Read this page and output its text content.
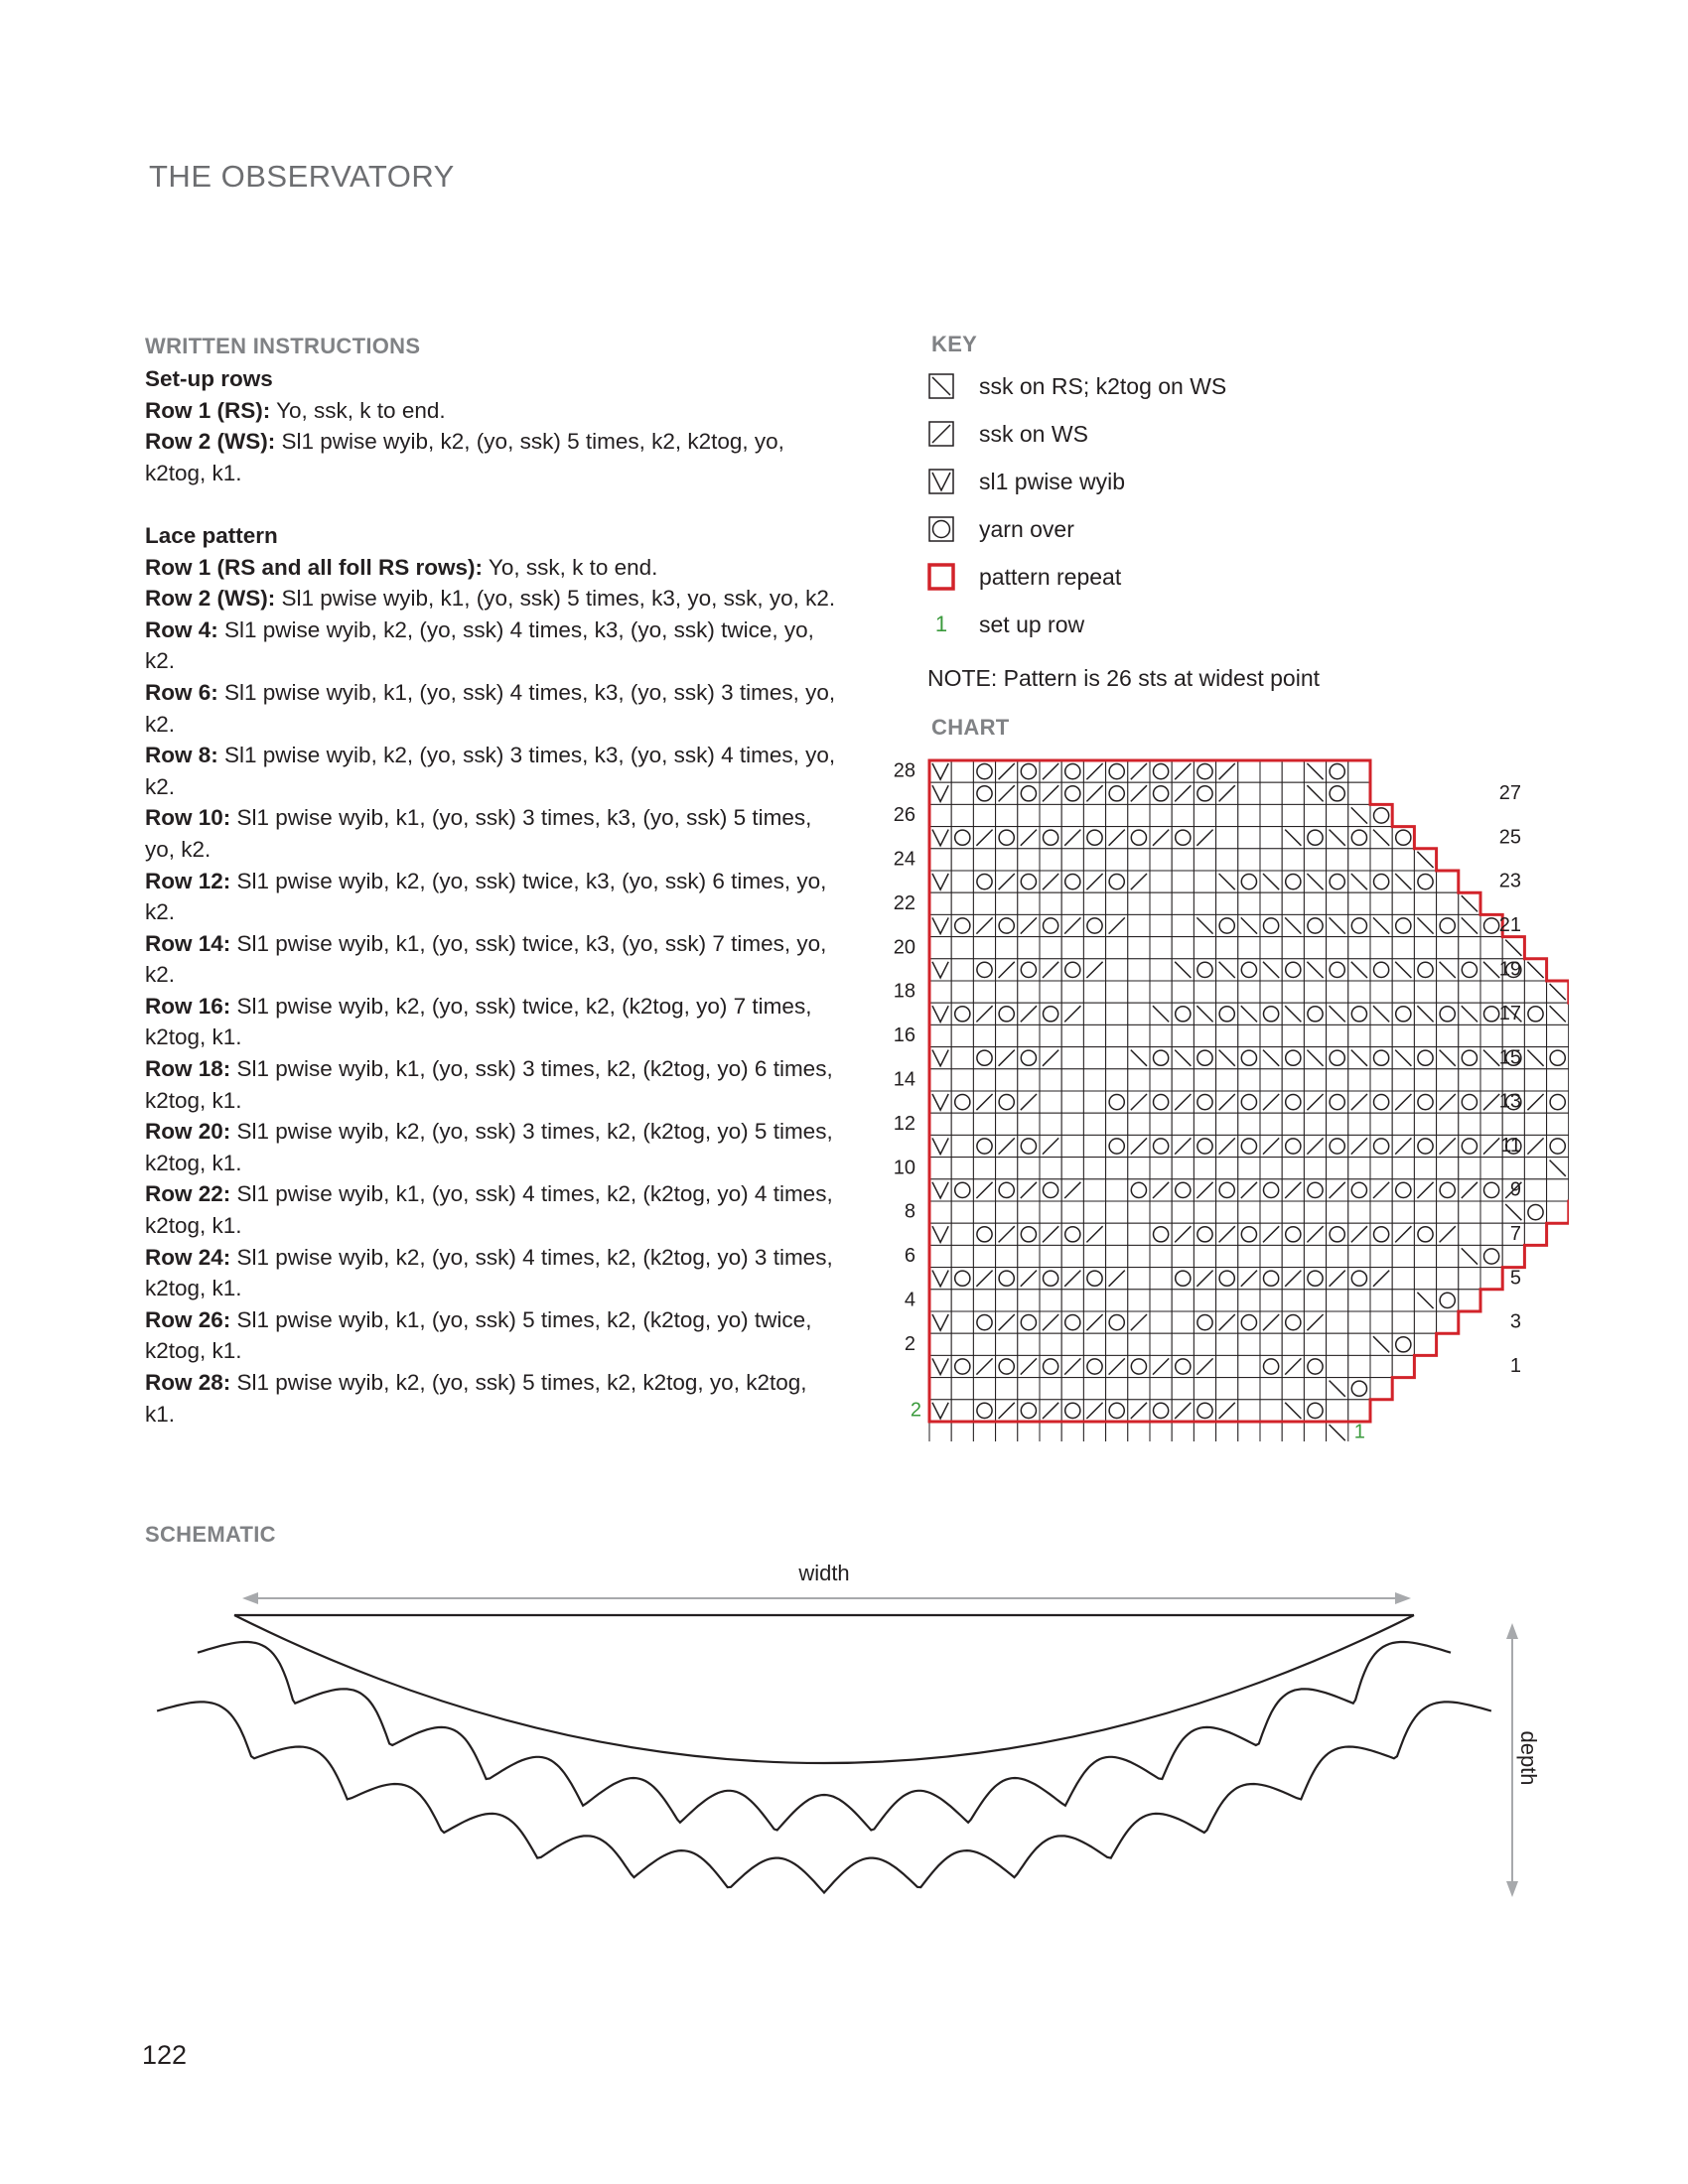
THE OBSERVATORY
WRITTEN INSTRUCTIONS

Set-up rows

Row 1 (RS): Yo, ssk, k to end.

Row 2 (WS): Sl1 pwise wyib, k2, (yo, ssk) 5 times, k2, k2tog, yo, k2tog, k1.

Lace pattern

Row 1 (RS and all foll RS rows): Yo, ssk, k to end.

Row 2 (WS): Sl1 pwise wyib, k1, (yo, ssk) 5 times, k3, yo, ssk, yo, k2.

Row 4: Sl1 pwise wyib, k2, (yo, ssk) 4 times, k3, (yo, ssk) twice, yo, k2.

Row 6: Sl1 pwise wyib, k1, (yo, ssk) 4 times, k3, (yo, ssk) 3 times, yo, k2.

Row 8: Sl1 pwise wyib, k2, (yo, ssk) 3 times, k3, (yo, ssk) 4 times, yo, k2.

Row 10: Sl1 pwise wyib, k1, (yo, ssk) 3 times, k3, (yo, ssk) 5 times, yo, k2.

Row 12: Sl1 pwise wyib, k2, (yo, ssk) twice, k3, (yo, ssk) 6 times, yo, k2.

Row 14: Sl1 pwise wyib, k1, (yo, ssk) twice, k3, (yo, ssk) 7 times, yo, k2.

Row 16: Sl1 pwise wyib, k2, (yo, ssk) twice, k2, (k2tog, yo) 7 times, k2tog, k1.

Row 18: Sl1 pwise wyib, k1, (yo, ssk) 3 times, k2, (k2tog, yo) 6 times, k2tog, k1.

Row 20: Sl1 pwise wyib, k2, (yo, ssk) 3 times, k2, (k2tog, yo) 5 times, k2tog, k1.

Row 22: Sl1 pwise wyib, k1, (yo, ssk) 4 times, k2, (k2tog, yo) 4 times, k2tog, k1.

Row 24: Sl1 pwise wyib, k2, (yo, ssk) 4 times, k2, (k2tog, yo) 3 times, k2tog, k1.

Row 26: Sl1 pwise wyib, k1, (yo, ssk) 5 times, k2, (k2tog, yo) twice, k2tog, k1.

Row 28: Sl1 pwise wyib, k2, (yo, ssk) 5 times, k2, k2tog, yo, k2tog, k1.

KEY
ssk on RS; k2tog on WS
ssk on WS
sl1 pwise wyib
yarn over
pattern repeat
1	set up row
NOTE: Pattern is 26 sts at widest point
CHART
28
26
24
22
20
18
16
14
12
10
8
6
4
2
27
25
23
21
19
17
15
13
11
9
7
5
3
1
2
1
SCHEMATIC
width
depth
122
